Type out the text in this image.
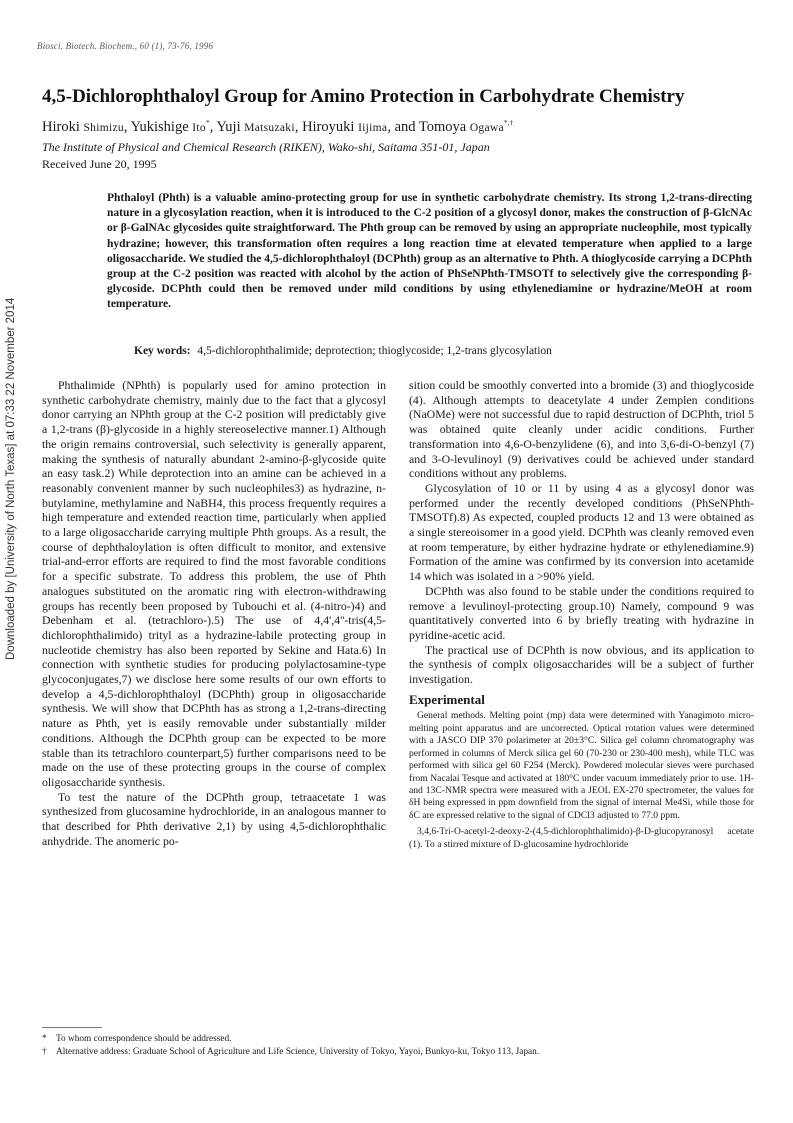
Biosci. Biotech. Biochem., 60 (1), 73-76, 1996
Downloaded by [University of North Texas] at 07:33 22 November 2014
4,5-Dichlorophthaloyl Group for Amino Protection in Carbohydrate Chemistry
Hiroki Shimizu, Yukishige Ito*, Yuji Matsuzaki, Hiroyuki Iijima, and Tomoya Ogawa*,†
The Institute of Physical and Chemical Research (RIKEN), Wako-shi, Saitama 351-01, Japan
Received June 20, 1995
Phthaloyl (Phth) is a valuable amino-protecting group for use in synthetic carbohydrate chemistry. Its strong 1,2-trans-directing nature in a glycosylation reaction, when it is introduced to the C-2 position of a glycosyl donor, makes the construction of β-GlcNAc or β-GalNAc glycosides quite straightforward. The Phth group can be removed by using an appropriate nucleophile, most typically hydrazine; however, this transformation often requires a long reaction time at elevated temperature when applied to a large oligosaccharide. We studied the 4,5-dichlorophthaloyl (DCPhth) group as an alternative to Phth. A thioglycoside carrying a DCPhth group at the C-2 position was reacted with alcohol by the action of PhSeNPhth-TMSOTf to selectively give the corresponding β-glycoside. DCPhth could then be removed under mild conditions by using ethylenediamine or hydrazine/MeOH at room temperature.
Key words: 4,5-dichlorophthalimide; deprotection; thioglycoside; 1,2-trans glycosylation

Phthalimide (NPhth) is popularly used for amino protection in synthetic carbohydrate chemistry, mainly due to the fact that a glycosyl donor carrying an NPhth group at the C-2 position will predictably give a 1,2-trans (β)-glycoside in a highly stereoselective manner.1) Although the origin remains controversial, such selectivity is generally apparent, making the synthesis of naturally abundant 2-amino-β-glycoside quite an easy task.2) While deprotection into an amine can be achieved in a reasonably convenient manner by such nucleophiles3) as hydrazine, n-butylamine, methylamine and NaBH4, this process frequently requires a high temperature and extended reaction time, particularly when applied to a large oligosaccharide carrying multiple Phth groups. As a result, the course of dephthaloylation is often difficult to monitor, and extensive trial-and-error efforts are required to find the most favorable conditions for a specific substrate. To address this problem, the use of Phth analogues substituted on the aromatic ring with electron-withdrawing groups has recently been proposed by Tubouchi et al. (4-nitro-)4) and Debenham et al. (tetrachloro-).5) The use of 4,4',4''-tris(4,5-dichlorophthalimido) trityl as a hydrazine-labile protecting group in nucleotide chemistry has also been reported by Sekine and Hata.6) In connection with synthetic studies for producing polylactosamine-type glycoconjugates,7) we disclose here some results of our own efforts to develop a 4,5-dichlorophthaloyl (DCPhth) group in oligosaccharide synthesis. We will show that DCPhth has as strong a 1,2-trans-directing nature as Phth, yet is easily removable under substantially milder conditions. Although the DCPhth group can be expected to be more stable than its tetrachloro counterpart,5) further comparisons need to be made on the use of these protecting groups in the course of complex oligosaccharide synthesis.

To test the nature of the DCPhth group, tetraacetate 1 was synthesized from glucosamine hydrochloride, in an analogous manner to that described for Phth derivative 2,1) by using 4,5-dichlorophthalic anhydride. The anomeric po-

sition could be smoothly converted into a bromide (3) and thioglycoside (4). Although attempts to deacetylate 4 under Zemplen conditions (NaOMe) were not successful due to rapid destruction of DCPhth, triol 5 was obtained quite cleanly under acidic conditions. Further transformation into 4,6-O-benzylidene (6), and into 3,6-di-O-benzyl (7) and 3-O-levulinoyl (9) derivatives could be achieved under standard conditions without any problems.

Glycosylation of 10 or 11 by using 4 as a glycosyl donor was performed under the recently developed conditions (PhSeNPhth-TMSOTf).8) As expected, coupled products 12 and 13 were obtained as a single stereoisomer in a good yield. DCPhth was cleanly removed even at room temperature, by either hydrazine hydrate or ethylenediamine.9) Formation of the amine was confirmed by its conversion into acetamide 14 which was isolated in a >90% yield.

DCPhth was also found to be stable under the conditions required to remove a levulinoyl-protecting group.10) Namely, compound 9 was quantitatively converted into 6 by briefly treating with hydrazine in pyridine-acetic acid.

The practical use of DCPhth is now obvious, and its application to the synthesis of complx oligosaccharides will be a subject of further investigation.

Experimental

General methods. Melting point (mp) data were determined with Yanagimoto micro-melting point apparatus and are uncorrected. Optical rotation values were determined with a JASCO DIP 370 polarimeter at 20±3°C. Silica gel column chromatography was performed in columns of Merck silica gel 60 (70-230 or 230-400 mesh), while TLC was performed with silica gel 60 F254 (Merck). Powdered molecular sieves were purchased from Nacalai Tesque and activated at 180°C under vacuum immediately prior to use. 1H- and 13C-NMR spectra were measured with a JEOL EX-270 spectrometer, the values for δH being expressed in ppm downfield from the signal of internal Me4Si, while those for δC are expressed relative to the signal of CDCl3 adjusted to 77.0 ppm.

3,4,6-Tri-O-acetyl-2-deoxy-2-(4,5-dichlorophthalimido)-β-D-glucopyranosyl acetate (1). To a stirred mixture of D-glucosamine hydrochloride

* To whom correspondence should be addressed.
† Alternative address: Graduate School of Agriculture and Life Science, University of Tokyo, Yayoi, Bunkyo-ku, Tokyo 113, Japan.
